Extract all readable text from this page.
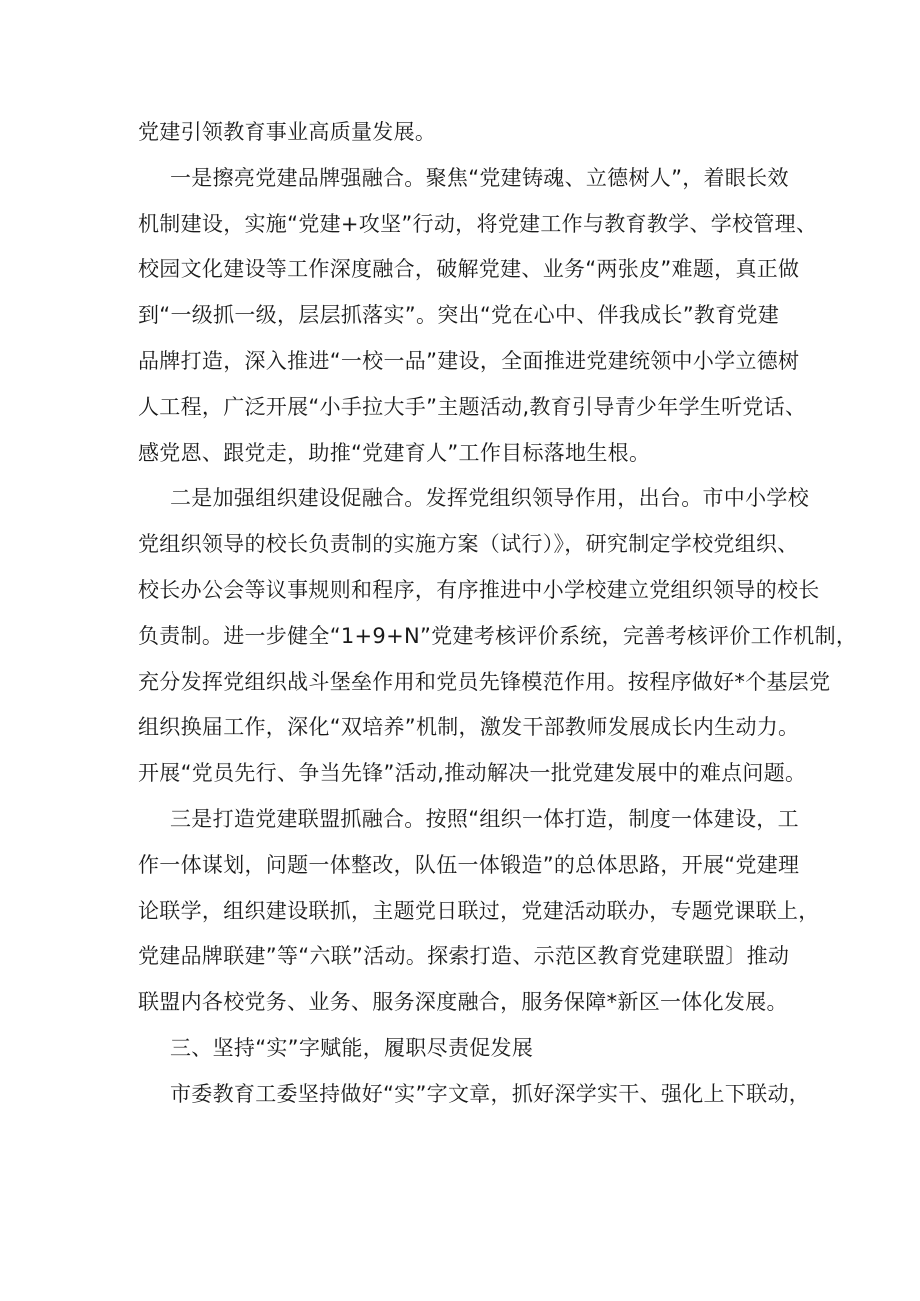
党建引领教育事业高质量发展。
一是擦亮党建品牌强融合。聚焦“党建铸魂、立德树人”，着眼长效
机制建设，实施“党建+攻坚”行动，将党建工作与教育教学、学校管理、
校园文化建设等工作深度融合，破解党建、业务“两张皮”难题，真正做
到“一级抓一级，层层抓落实”。突出“党在心中、伴我成长”教育党建
品牌打造，深入推进“一校一品”建设，全面推进党建统领中小学立德树
人工程，广泛开展“小手拉大手”主题活动,教育引导青少年学生听党话、
感党恩、跟党走，助推“党建育人”工作目标落地生根。
二是加强组织建设促融合。发挥党组织领导作用，出台。市中小学校
党组织领导的校长负责制的实施方案（试行）》，研究制定学校党组织、
校长办公会等议事规则和程序，有序推进中小学校建立党组织领导的校长
负责制。进一步健全“1+9+N”党建考核评价系统，完善考核评价工作机制，
充分发挥党组织战斗堡垒作用和党员先锋模范作用。按程序做好*个基层党
组织换届工作，深化“双培养”机制，激发干部教师发展成长内生动力。
开展“党员先行、争当先锋”活动,推动解决一批党建发展中的难点问题。
三是打造党建联盟抓融合。按照“组织一体打造，制度一体建设，工
作一体谋划，问题一体整改，队伍一体锻造”的总体思路，开展“党建理
论联学，组织建设联抓，主题党日联过，党建活动联办，专题党课联上，
党建品牌联建”等“六联”活动。探索打造、示范区教育党建联盟〕推动
联盟内各校党务、业务、服务深度融合，服务保障*新区一体化发展。
三、坚持“实”字赋能，履职尽责促发展
市委教育工委坚持做好“实”字文章，抓好深学实干、强化上下联动，
